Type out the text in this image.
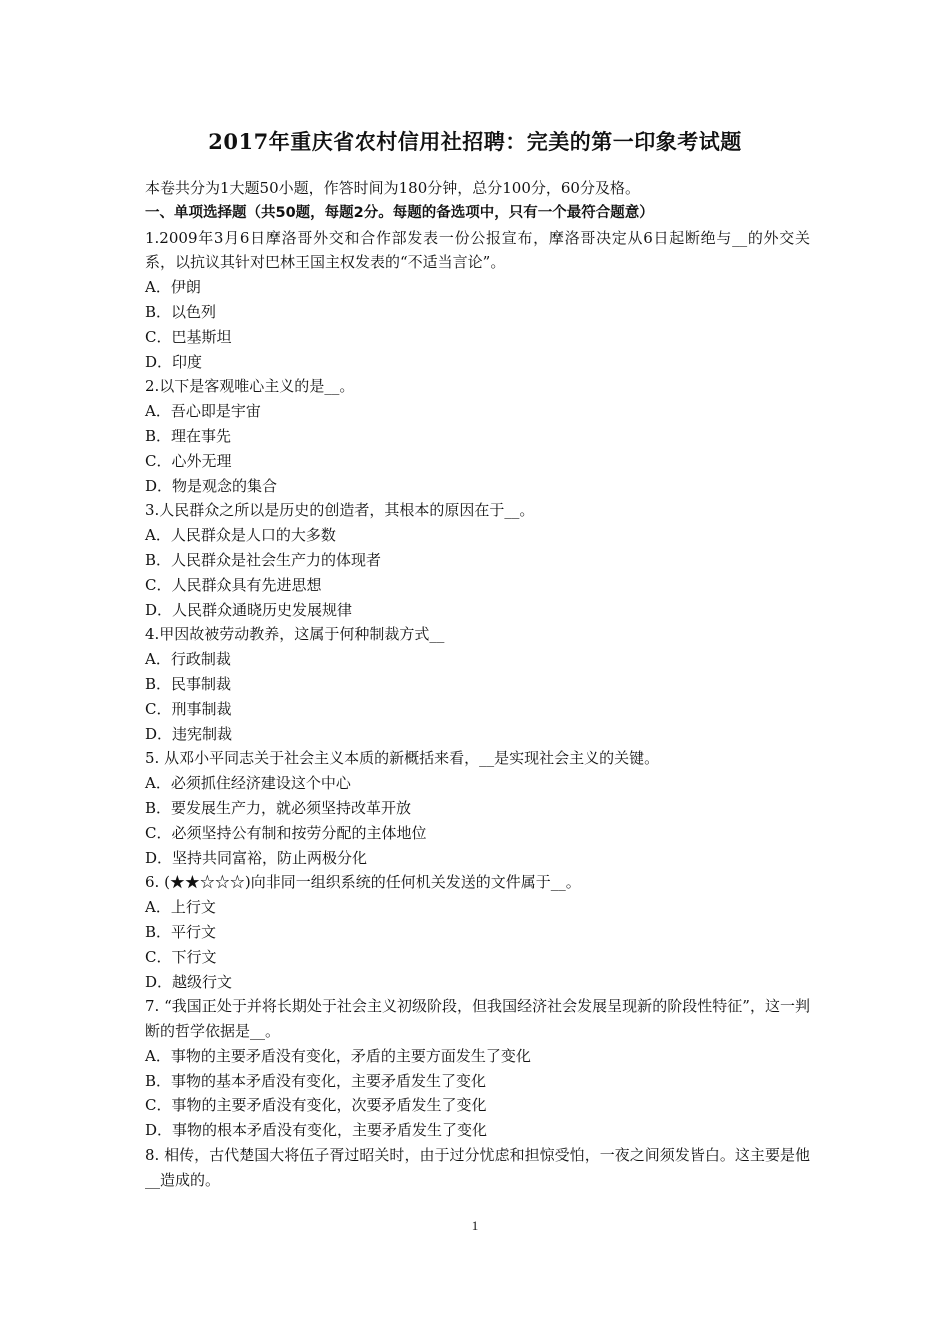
2017年重庆省农村信用社招聘：完美的第一印象考试题
本卷共分为1大题50小题，作答时间为180分钟，总分100分，60分及格。
一、单项选择题（共50题，每题2分。每题的备选项中，只有一个最符合题意）
1.2009年3月6日摩洛哥外交和合作部发表一份公报宣布，摩洛哥决定从6日起断绝与__的外交关系，以抗议其针对巴林王国主权发表的“不适当言论”。
A．伊朗
B．以色列
C．巴基斯坦
D．印度
2.以下是客观唯心主义的是__。
A．吾心即是宇宙
B．理在事先
C．心外无理
D．物是观念的集合
3.人民群众之所以是历史的创造者，其根本的原因在于__。
A．人民群众是人口的大多数
B．人民群众是社会生产力的体现者
C．人民群众具有先进思想
D．人民群众通晓历史发展规律
4.甲因故被劳动教养，这属于何种制裁方式__
A．行政制裁
B．民事制裁
C．刑事制裁
D．违宪制裁
5. 从邓小平同志关于社会主义本质的新概括来看，__是实现社会主义的关键。
A．必须抓住经济建设这个中心
B．要发展生产力，就必须坚持改革开放
C．必须坚持公有制和按劳分配的主体地位
D．坚持共同富裕，防止两极分化
6. (★★☆☆☆)向非同一组织系统的任何机关发送的文件属于__。
A．上行文
B．平行文
C．下行文
D．越级行文
7. “我国正处于并将长期处于社会主义初级阶段，但我国经济社会发展呈现新的阶段性特征”，这一判断的哲学依据是__。
A．事物的主要矛盾没有变化，矛盾的主要方面发生了变化
B．事物的基本矛盾没有变化，主要矛盾发生了变化
C．事物的主要矛盾没有变化，次要矛盾发生了变化
D．事物的根本矛盾没有变化，主要矛盾发生了变化
8. 相传，古代楚国大将伍子胥过昭关时，由于过分忧虑和担惊受怕，一夜之间须发皆白。这主要是他__造成的。
1
